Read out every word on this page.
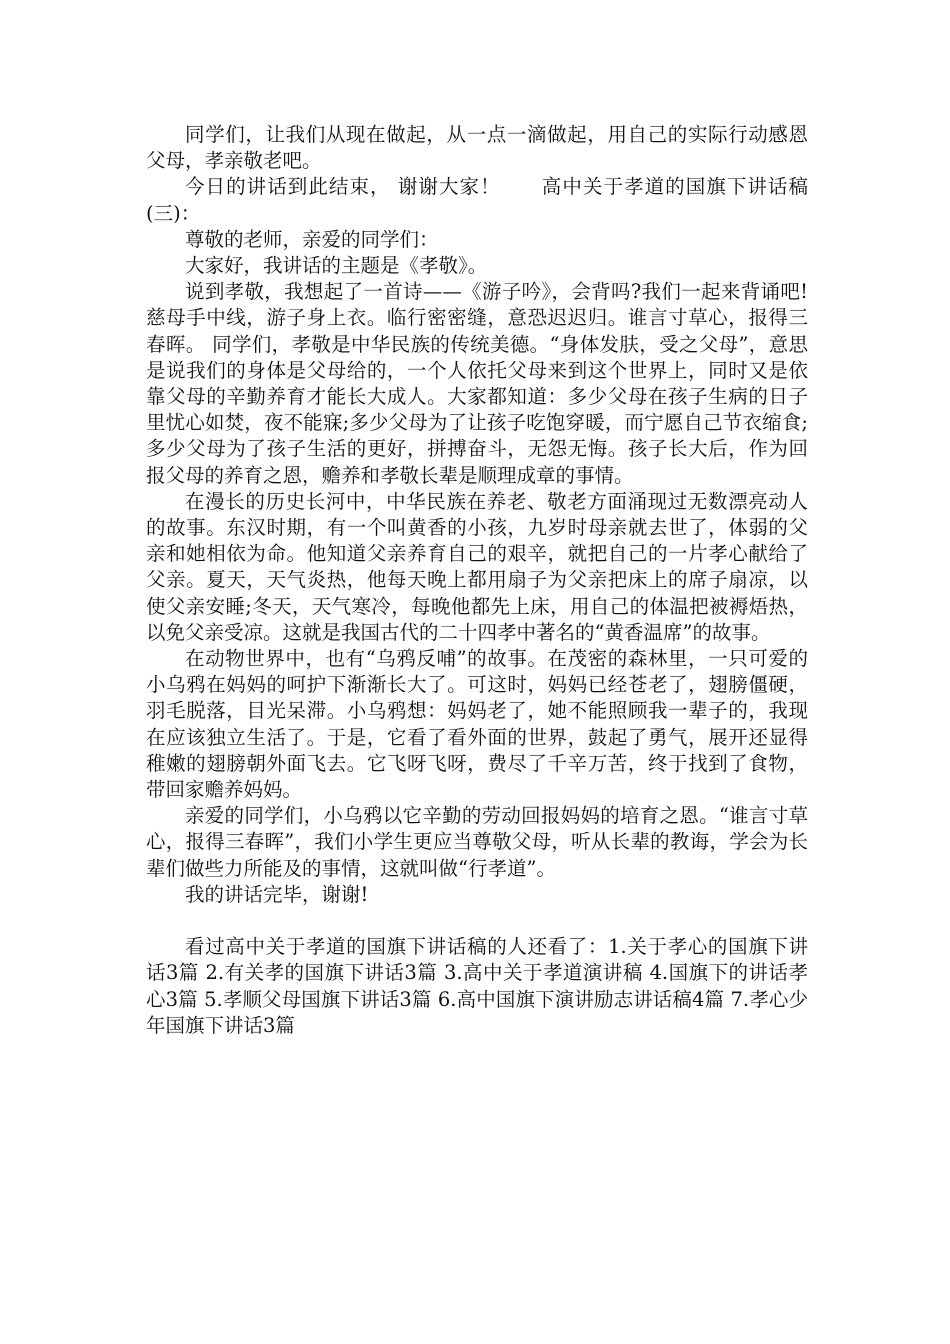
同学们，让我们从现在做起，从一点一滴做起，用自己的实际行动感恩父母，孝亲敬老吧。

今日的讲话到此结束， 谢谢大家！　　高中关于孝道的国旗下讲话稿(三)：

尊敬的老师，亲爱的同学们：

大家好，我讲话的主题是《孝敬》。

说到孝敬，我想起了一首诗——《游子吟》，会背吗?我们一起来背诵吧!慈母手中线，游子身上衣。临行密密缝，意恐迟迟归。谁言寸草心，报得三春晖。 同学们，孝敬是中华民族的传统美德。“身体发肤，受之父母”，意思是说我们的身体是父母给的，一个人依托父母来到这个世界上，同时又是依靠父母的辛勤养育才能长大成人。大家都知道：多少父母在孩子生病的日子里忧心如焚，夜不能寐;多少父母为了让孩子吃饱穿暖，而宁愿自己节衣缩食;多少父母为了孩子生活的更好，拼搏奋斗，无怨无悔。孩子长大后，作为回报父母的养育之恩，赡养和孝敬长辈是顺理成章的事情。

在漫长的历史长河中，中华民族在养老、敬老方面涌现过无数漂亮动人的故事。东汉时期，有一个叫黄香的小孩，九岁时母亲就去世了，体弱的父亲和她相依为命。他知道父亲养育自己的艰辛，就把自己的一片孝心献给了父亲。夏天，天气炎热，他每天晚上都用扇子为父亲把床上的席子扇凉，以使父亲安睡;冬天，天气寒冷，每晚他都先上床，用自己的体温把被褥焐热，以免父亲受凉。这就是我国古代的二十四孝中著名的“黄香温席”的故事。

在动物世界中，也有“乌鸦反哺”的故事。在茂密的森林里，一只可爱的小乌鸦在妈妈的呵护下渐渐长大了。可这时，妈妈已经苍老了，翅膀僵硬，羽毛脱落，目光呆滞。小乌鸦想：妈妈老了，她不能照顾我一辈子的，我现在应该独立生活了。于是，它看了看外面的世界，鼓起了勇气，展开还显得稚嫩的翅膀朝外面飞去。它飞呀飞呀，费尽了千辛万苦，终于找到了食物，带回家赡养妈妈。

亲爱的同学们，小乌鸦以它辛勤的劳动回报妈妈的培育之恩。“谁言寸草心，报得三春晖”，我们小学生更应当尊敬父母，听从长辈的教诲，学会为长辈们做些力所能及的事情，这就叫做“行孝道”。

我的讲话完毕，谢谢!

看过高中关于孝道的国旗下讲话稿的人还看了：1.关于孝心的国旗下讲话3篇 2.有关孝的国旗下讲话3篇 3.高中关于孝道演讲稿 4.国旗下的讲话孝心3篇 5.孝顺父母国旗下讲话3篇 6.高中国旗下演讲励志讲话稿4篇 7.孝心少年国旗下讲话3篇
